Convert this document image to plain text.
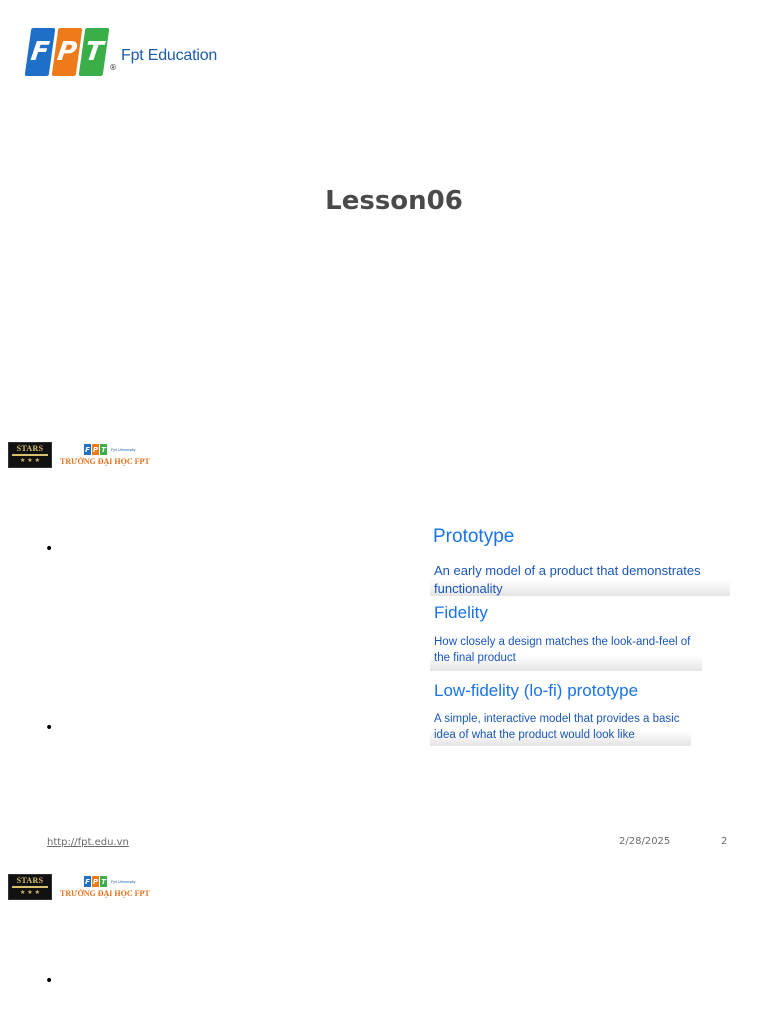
F P T
®
Fpt Education
Lesson06
STARS
★ ★ ★
F P T Fpt University
TRƯỜNG ĐẠI HỌC FPT
•
•
Prototype
An early model of a product that demonstrates functionality
Fidelity
How closely a design matches the look-and-feel of the final product
Low-fidelity (lo-fi) prototype
A simple, interactive model that provides a basic idea of what the product would look like
http://fpt.edu.vn	2/28/2025	2
STARS
★ ★ ★
F P T Fpt University
TRƯỜNG ĐẠI HỌC FPT
•
